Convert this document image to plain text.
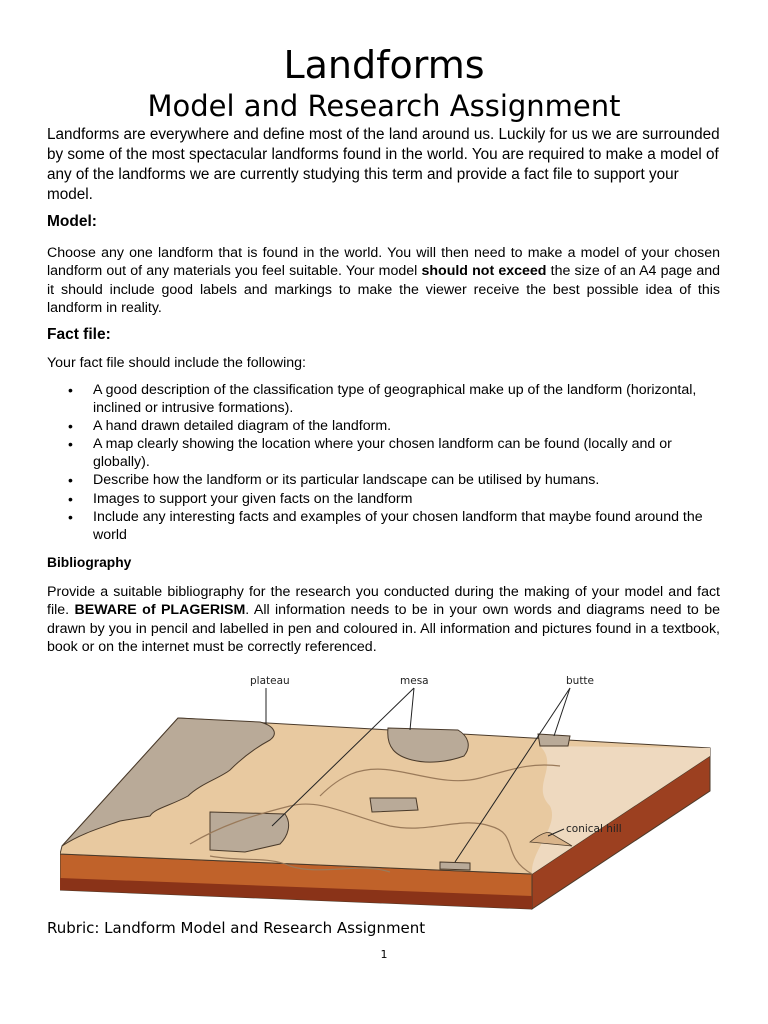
Landforms
Model and Research Assignment
Landforms are everywhere and define most of the land around us. Luckily for us we are surrounded by some of the most spectacular landforms found in the world. You are required to make a model of any of the landforms we are currently studying this term and provide a fact file to support your model.
Model:
Choose any one landform that is found in the world. You will then need to make a model of your chosen landform out of any materials you feel suitable. Your model should not exceed the size of an A4 page and it should include good labels and markings to make the viewer receive the best possible idea of this landform in reality.
Fact file:
Your fact file should include the following:
• A good description of the classification type of geographical make up of the landform (horizontal, inclined or intrusive formations).
• A hand drawn detailed diagram of the landform.
• A map clearly showing the location where your chosen landform can be found (locally and or globally).
• Describe how the landform or its particular landscape can be utilised by humans.
• Images to support your given facts on the landform
• Include any interesting facts and examples of your chosen landform that maybe found around the world
Bibliography
Provide a suitable bibliography for the research you conducted during the making of your model and fact file. BEWARE of PLAGERISM. All information needs to be in your own words and diagrams need to be drawn by you in pencil and labelled in pen and coloured in. All information and pictures found in a textbook, book or on the internet must be correctly referenced.
plateau	mesa	butte
conical hill
Rubric: Landform Model and Research Assignment
1
